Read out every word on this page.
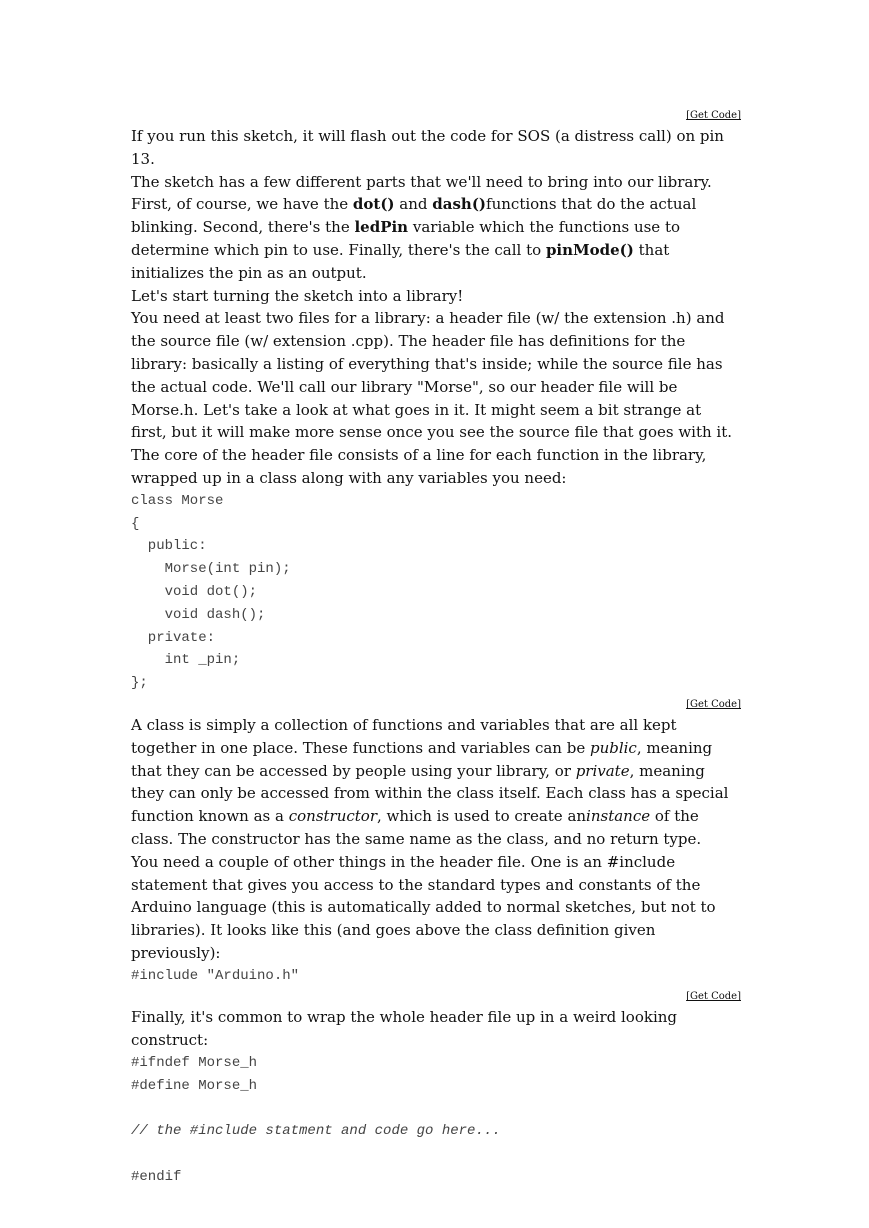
[Get Code]

If you run this sketch, it will flash out the code for SOS (a distress call) on pin 13.

The sketch has a few different parts that we'll need to bring into our library. First, of course, we have the dot() and dash()functions that do the actual blinking. Second, there's the ledPin variable which the functions use to determine which pin to use. Finally, there's the call to pinMode() that initializes the pin as an output.

Let's start turning the sketch into a library!

You need at least two files for a library: a header file (w/ the extension .h) and the source file (w/ extension .cpp). The header file has definitions for the library: basically a listing of everything that's inside; while the source file has the actual code. We'll call our library "Morse", so our header file will be Morse.h. Let's take a look at what goes in it. It might seem a bit strange at first, but it will make more sense once you see the source file that goes with it.

The core of the header file consists of a line for each function in the library, wrapped up in a class along with any variables you need:

class Morse
{
public:
Morse(int pin);
void dot();
void dash();
private:
int _pin;
};
[Get Code]

A class is simply a collection of functions and variables that are all kept together in one place. These functions and variables can be public, meaning that they can be accessed by people using your library, or private, meaning they can only be accessed from within the class itself. Each class has a special function known as a constructor, which is used to create aninstance of the class. The constructor has the same name as the class, and no return type.

You need a couple of other things in the header file. One is an #include statement that gives you access to the standard types and constants of the Arduino language (this is automatically added to normal sketches, but not to libraries). It looks like this (and goes above the class definition given previously):

#include "Arduino.h"
[Get Code]

Finally, it's common to wrap the whole header file up in a weird looking construct:

#ifndef Morse_h
#define Morse_h

// the #include statment and code go here...

#endif
